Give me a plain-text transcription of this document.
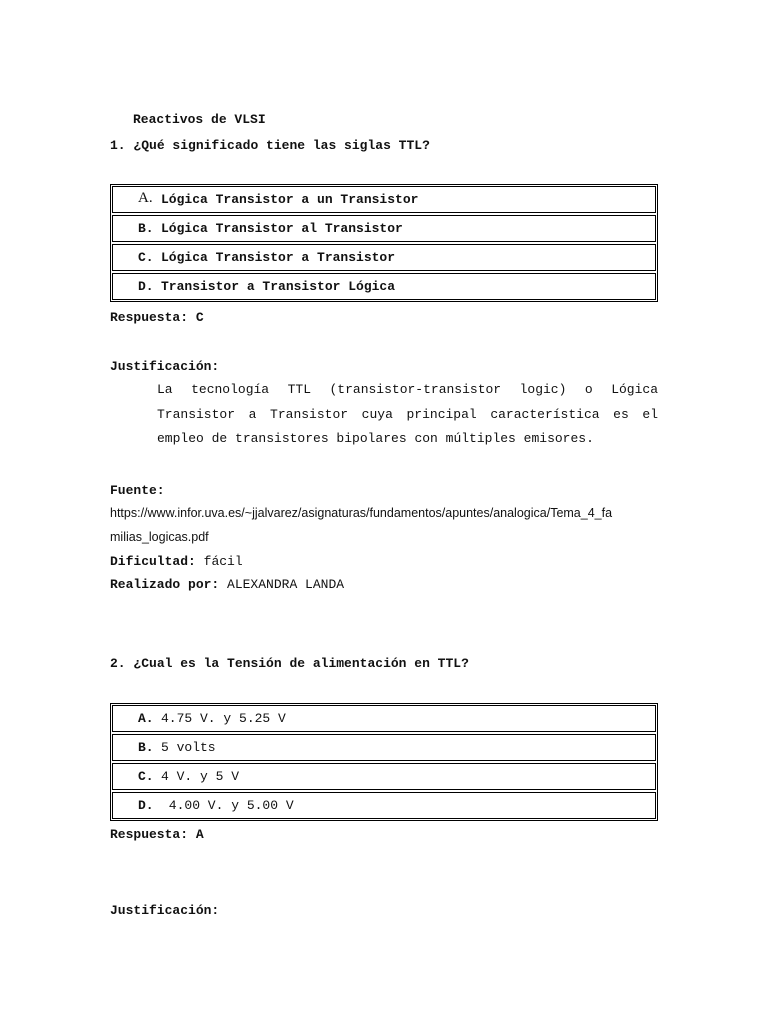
Reactivos de VLSI
1. ¿Qué significado tiene las siglas TTL?
A. Lógica Transistor a un Transistor
B. Lógica Transistor al Transistor
C. Lógica Transistor a Transistor
D. Transistor a Transistor Lógica
Respuesta: C
Justificación:
La tecnología TTL (transistor-transistor logic) o Lógica Transistor a Transistor cuya principal característica es el empleo de transistores bipolares con múltiples emisores.
Fuente:
https://www.infor.uva.es/~jjalvarez/asignaturas/fundamentos/apuntes/analogica/Tema_4_fa
milias_logicas.pdf
Dificultad: fácil
Realizado por: ALEXANDRA LANDA
2. ¿Cual es la Tensión de alimentación en TTL?
A. 4.75 V. y 5.25 V
B. 5 volts
C. 4 V. y 5 V
D. 4.00 V. y 5.00 V
Respuesta: A
Justificación:
